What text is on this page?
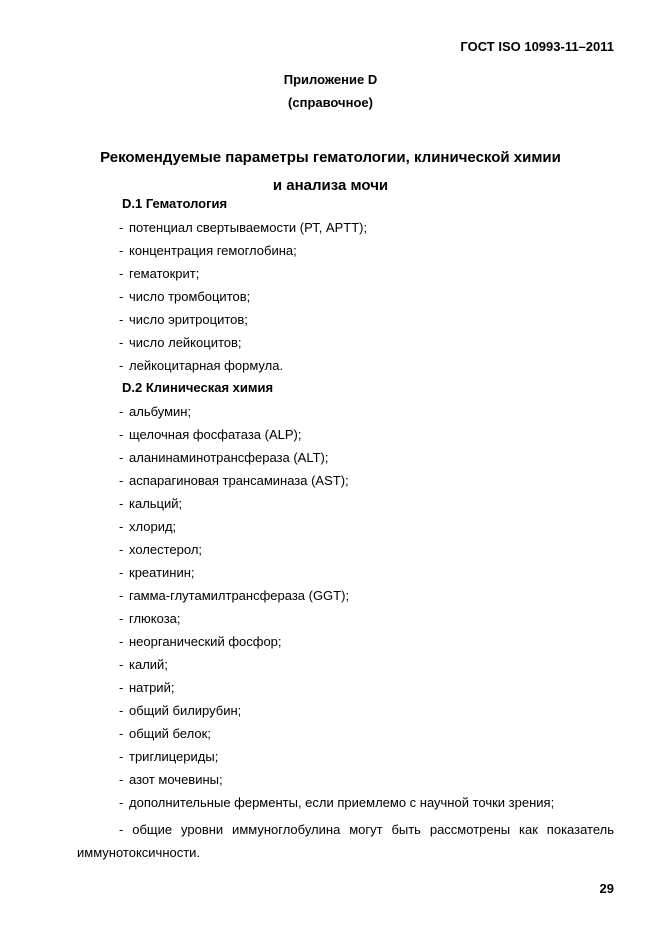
ГОСТ ISO 10993-11–2011
Приложение D
(справочное)
Рекомендуемые параметры гематологии, клинической химии
и анализа мочи
D.1 Гематология
- потенциал свертываемости (РТ, APTT);
- концентрация гемоглобина;
- гематокрит;
- число тромбоцитов;
- число эритроцитов;
- число лейкоцитов;
- лейкоцитарная формула.
D.2 Клиническая химия
- альбумин;
- щелочная фосфатаза (ALP);
- аланинаминотрансфераза (ALT);
- аспарагиновая трансаминаза (AST);
- кальций;
- хлорид;
- холестерол;
- креатинин;
- гамма-глутамилтрансфераза (GGT);
- глюкоза;
- неорганический фосфор;
- калий;
- натрий;
- общий билирубин;
- общий белок;
- триглицериды;
- азот мочевины;
- дополнительные ферменты, если приемлемо с научной точки зрения;
- общие уровни иммуноглобулина могут быть рассмотрены как показатель иммунотоксичности.
29
